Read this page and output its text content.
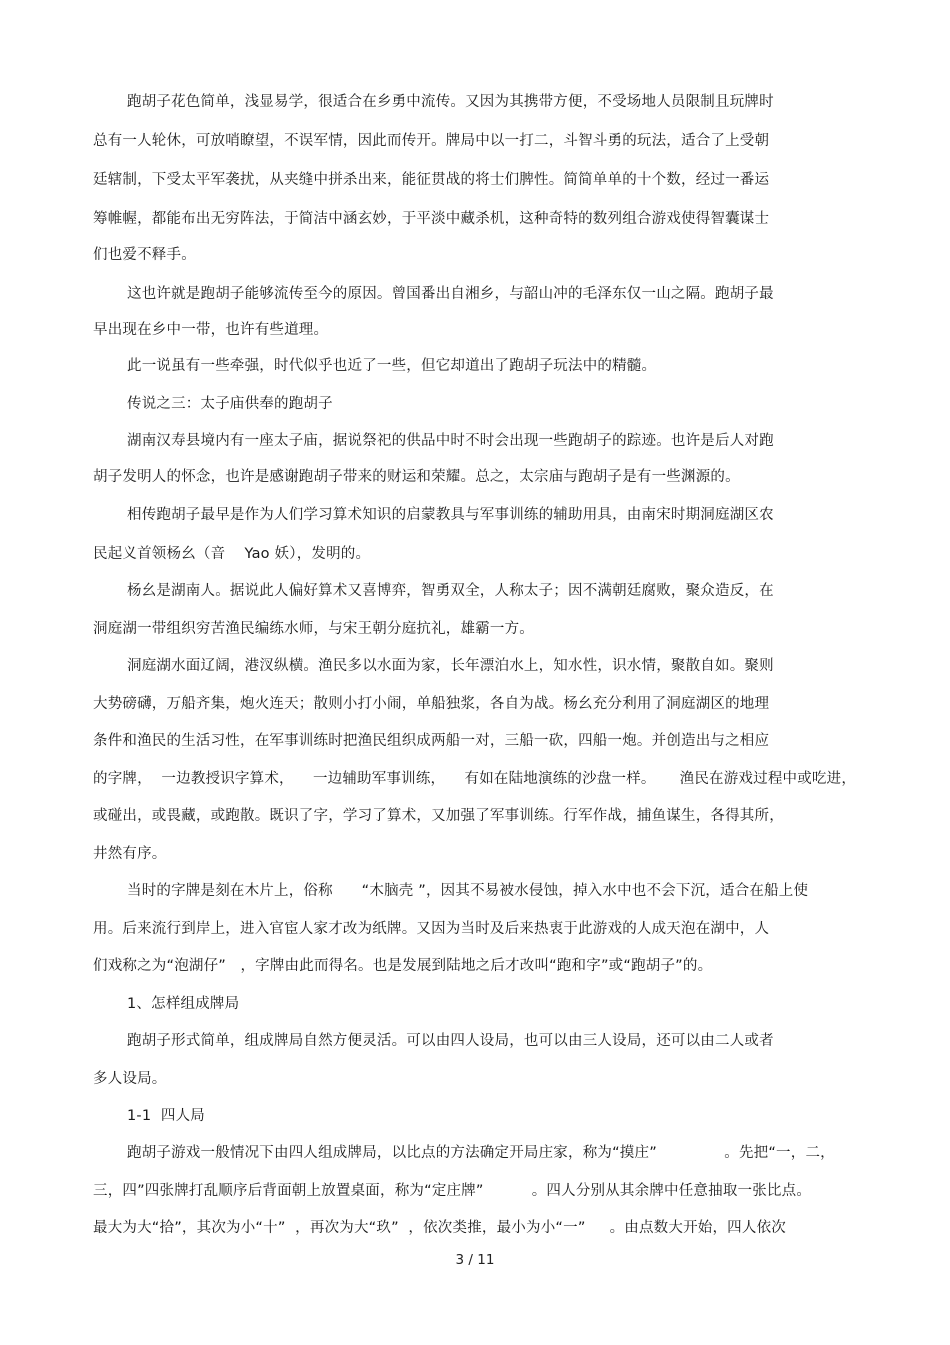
跑胡子花色简单，浅显易学，很适合在乡勇中流传。又因为其携带方便，不受场地人员限制且玩牌时
总有一人轮休，可放哨瞭望，不误军情，因此而传开。牌局中以一打二，斗智斗勇的玩法，适合了上受朝
廷辖制，下受太平军袭扰，从夹缝中拼杀出来，能征贯战的将士们脾性。简简单单的十个数，经过一番运
筹帷幄，都能布出无穷阵法，于简洁中涵玄妙，于平淡中藏杀机，这种奇特的数列组合游戏使得智囊谋士
们也爱不释手。
这也许就是跑胡子能够流传至今的原因。曾国番出自湘乡，与韶山冲的毛泽东仅一山之隔。跑胡子最
早出现在乡中一带，也许有些道理。
此一说虽有一些牵强，时代似乎也近了一些，但它却道出了跑胡子玩法中的精髓。
传说之三：太子庙供奉的跑胡子
湖南汉寿县境内有一座太子庙，据说祭祀的供品中时不时会出现一些跑胡子的踪迹。也许是后人对跑
胡子发明人的怀念，也许是感谢跑胡子带来的财运和荣耀。总之，太宗庙与跑胡子是有一些渊源的。
相传跑胡子最早是作为人们学习算术知识的启蒙教具与军事训练的辅助用具，由南宋时期洞庭湖区农
民起义首领杨幺（音    Yao 妖），发明的。
杨幺是湖南人。据说此人偏好算术又喜博弈，智勇双全，人称太子；因不满朝廷腐败，聚众造反，在
洞庭湖一带组织穷苦渔民编练水师，与宋王朝分庭抗礼，雄霸一方。
洞庭湖水面辽阔，港汊纵横。渔民多以水面为家，长年漂泊水上，知水性，识水情，聚散自如。聚则
大势磅礴，万船齐集，炮火连天；散则小打小闹，单船独浆，各自为战。杨幺充分利用了洞庭湖区的地理
条件和渔民的生活习性，在军事训练时把渔民组织成两船一对，三船一砍，四船一炮。并创造出与之相应
的字牌，  一边教授识字算术，    一边辅助军事训练，    有如在陆地演练的沙盘一样。     渔民在游戏过程中或吃进，
或碰出，或畏藏，或跑散。既识了字，学习了算术，又加强了军事训练。行军作战，捕鱼谋生，各得其所，
井然有序。
当时的字牌是刻在木片上，俗称      “木脑壳 ”，因其不易被水侵蚀，掉入水中也不会下沉，适合在船上使
用。后来流行到岸上，进入官宦人家才改为纸牌。又因为当时及后来热衷于此游戏的人成天泡在湖中，人
们戏称之为“泡湖仔”   ，字牌由此而得名。也是发展到陆地之后才改叫“跑和字”或“跑胡子”的。
1、怎样组成牌局
跑胡子形式简单，组成牌局自然方便灵活。可以由四人设局，也可以由三人设局，还可以由二人或者
多人设局。
1-1  四人局
跑胡子游戏一般情况下由四人组成牌局，以比点的方法确定开局庄家，称为“摸庄”              。先把“一，二，
三，四”四张牌打乱顺序后背面朝上放置桌面，称为“定庄牌”          。四人分别从其余牌中任意抽取一张比点。
最大为大“拾”，其次为小“十”  ，再次为大“玖”  ，依次类推，最小为小“一”     。由点数大开始，四人依次
3 / 11
